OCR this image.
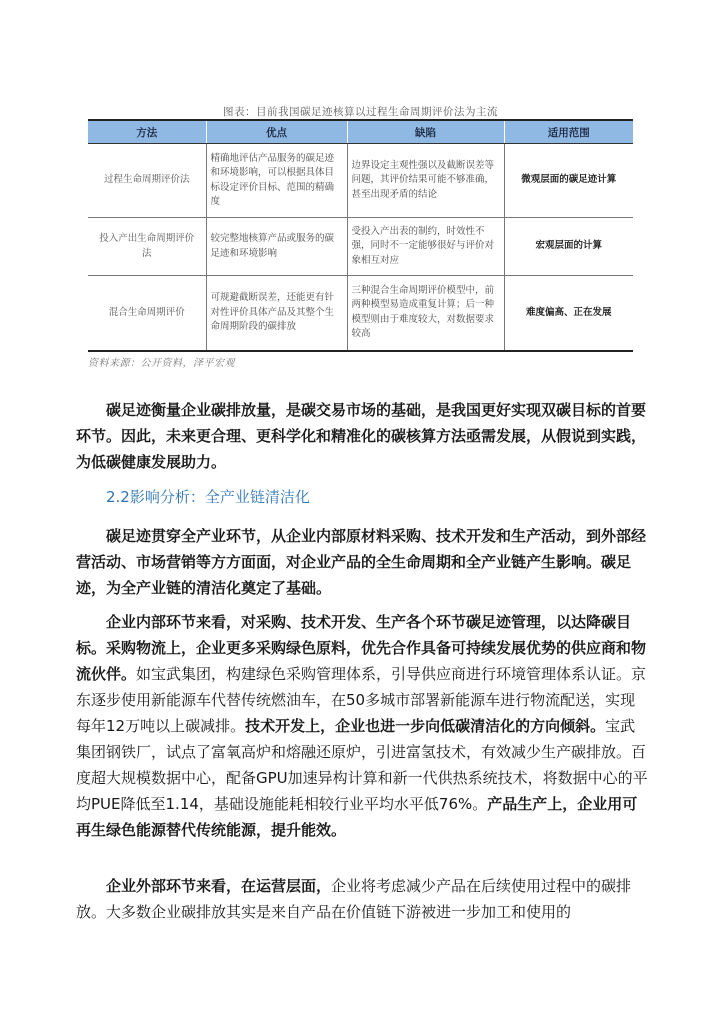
图表：目前我国碳足迹核算以过程生命周期评价法为主流
方法	优点	缺陷	适用范围
过程生命周期评价法	精确地评估产品服务的碳足迹和环境影响，可以根据具体目标设定评价目标、范围的精确度	边界设定主观性强以及截断误差等问题，其评价结果可能不够准确，甚至出现矛盾的结论	微观层面的碳足迹计算
投入产出生命周期评价法	较完整地核算产品或服务的碳足迹和环境影响	受投入产出表的制约，时效性不强，同时不一定能够很好与评价对象相互对应	宏观层面的计算
混合生命周期评价	可规避截断误差，还能更有针对性评价具体产品及其整个生命周期阶段的碳排放	三种混合生命周期评价模型中，前两种模型易造成重复计算；后一种模型则由于难度较大，对数据要求较高	难度偏高、正在发展
资料来源：公开资料，泽平宏观

碳足迹衡量企业碳排放量，是碳交易市场的基础，是我国更好实现双碳目标的首要环节。因此，未来更合理、更科学化和精准化的碳核算方法亟需发展，从假说到实践，为低碳健康发展助力。

2.2影响分析：全产业链清洁化

碳足迹贯穿全产业环节，从企业内部原材料采购、技术开发和生产活动，到外部经营活动、市场营销等方方面面，对企业产品的全生命周期和全产业链产生影响。碳足迹，为全产业链的清洁化奠定了基础。

企业内部环节来看，对采购、技术开发、生产各个环节碳足迹管理，以达降碳目标。采购物流上，企业更多采购绿色原料，优先合作具备可持续发展优势的供应商和物流伙伴。如宝武集团，构建绿色采购管理体系，引导供应商进行环境管理体系认证。京东逐步使用新能源车代替传统燃油车，在50多城市部署新能源车进行物流配送，实现每年12万吨以上碳减排。技术开发上，企业也进一步向低碳清洁化的方向倾斜。宝武集团钢铁厂，试点了富氧高炉和熔融还原炉，引进富氢技术，有效减少生产碳排放。百度超大规模数据中心，配备GPU加速异构计算和新一代供热系统技术，将数据中心的平均PUE降低至1.14，基础设施能耗相较行业平均水平低76%。产品生产上，企业用可再生绿色能源替代传统能源，提升能效。

企业外部环节来看，在运营层面，企业将考虑减少产品在后续使用过程中的碳排放。大多数企业碳排放其实是来自产品在价值链下游被进一步加工和使用的
